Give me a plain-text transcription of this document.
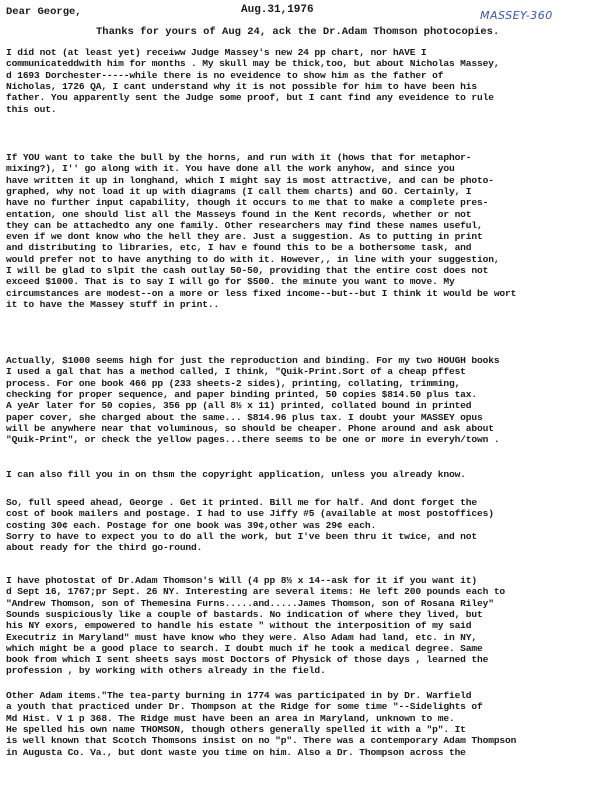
Dear George,	Aug.31,1976	MASSEY-360
Thanks for yours of Aug 24, ack the Dr.Adam Thomson photocopies.
I did not (at least yet) receiww Judge Massey's new 24 pp chart, nor hAVE I
communicateddwith him for months . My skull may be thick,too, but about Nicholas Massey,
d 1693 Dorchester-----while there is no eveidence to show him as the father of
Nicholas, 1726 QA, I cant understand why it is not possible for him to have been his
father. You apparently sent the Judge some proof, but I cant find any eveidence to rule
this out.
If YOU want to take the bull by the horns, and run with it (hows that for metaphor-
mixing?), I'' go along with it. You have done all the work anyhow, and since you
have written it up in longhand, which I might say is most attractive, and can be photo-
graphed, why not load it up with diagrams (I call them charts) and GO. Certainly, I
have no further input capability, though it occurs to me that to make a complete pres-
entation, one should list all the Masseys found in the Kent records, whether or not
they can be attachedto any one family. Other researchers may find these names useful,
even if we dont know who the hell they are. Just a suggestion. As to putting in print
and distributing to libraries, etc, I hav e found this to be a bothersome task, and
would prefer not to have anything to do with it. However,, in line with your suggestion,
I will be glad to slpit the cash outlay 50-50, providing that the entire cost does not
exceed $1000. That is to say I will go for $500. the minute you want to move. My
circumstances are modest--on a more or less fixed income--but--but I think it would be wort
it to have the Massey stuff in print..
Actually, $1000 seems high for just the reproduction and binding. For my two HOUGH books
I used a gal that has a method called, I think, "Quik-Print.Sort of a cheap pffest
process. For one book 466 pp (233 sheets-2 sides), printing, collating, trimming,
checking for proper sequence, and paper binding printed, 50 copies $814.50 plus tax.
A yeAr later for 50 copies, 356 pp (all 8½ x 11) printed, collated bound in printed
paper cover, she charged about the same... $814.96 plus tax. I doubt your MASSEY opus
will be anywhere near that voluminous, so should be cheaper. Phone around and ask about
"Quik-Print", or check the yellow pages...there seems to be one or more in everyh/town .
I can also fill you in on thsm the copyright application, unless you already know.
So, full speed ahead, George . Get it printed. Bill me for half. And dont forget the
cost of book mailers and postage. I had to use Jiffy #5 (available at most postoffices)
costing 30¢ each. Postage for one book was 39¢,other was 29¢ each.
Sorry to have to expect you to do all the work, but I've been thru it twice, and not
about ready for the third go-round.
I have photostat of Dr.Adam Thomson's Will (4 pp 8½ x 14--ask for it if you want it)
d Sept 16, 1767;pr Sept. 26 NY. Interesting are several items: He left 200 pounds each to
"Andrew Thomson, son of Themesina Furns.....and.....James Thomson, son of Rosana Riley"
Sounds suspiciously like a couple of bastards. No indication of where they lived, but
his NY exors, empowered to handle his estate " without the interposition of my said
Executriz in Maryland" must have know who they were. Also Adam had land, etc. in NY,
which might be a good place to search. I doubt much if he took a medical degree. Same
book from which I sent sheets says most Doctors of Physick of those days , learned the
profession , by working with others already in the field.
Other Adam items."The tea-party burning in 1774 was participated in by Dr. Warfield
a youth that practiced under Dr. Thompson at the Ridge for some time "--Sidelights of
Md Hist. V 1 p 368. The Ridge must have been an area in Maryland, unknown to me.
He spelled his own name THOMSON, though others generally spelled it with a "p". It
is well known that Scotch Thomsons insist on no "p". There was a contemporary Adam Thompson
in Augusta Co. Va., but dont waste you time on him. Also a Dr. Thompson across the
